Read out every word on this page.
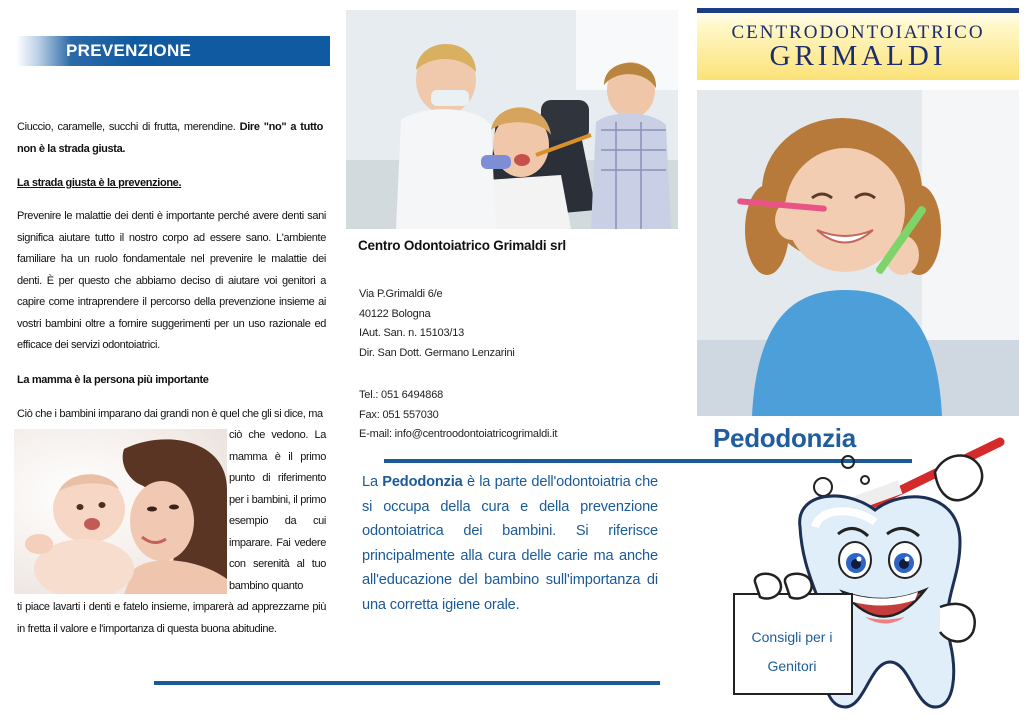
PREVENZIONE
Ciuccio, caramelle, succhi di frutta, merendine. Dire "no" a tutto non è la strada giusta.
La strada giusta è la prevenzione.
Prevenire le malattie dei denti è importante perché avere denti sani significa aiutare tutto il nostro corpo ad essere sano. L'ambiente familiare ha un ruolo fondamentale nel prevenire le malattie dei denti. È per questo che abbiamo deciso di aiutare voi genitori a capire come intraprendere il percorso della prevenzione insieme ai vostri bambini oltre a fornire suggerimenti per un uso razionale ed efficace dei servizi odontoiatrici.
La mamma è la persona più importante
Ciò che i bambini imparano dai grandi non è quel che gli si dice, ma
ciò che vedono. La mamma è il primo punto di riferimento per i bambini, il primo esempio da cui imparare. Fai vedere con serenità al tuo bambino quanto
ti piace lavarti i denti e fatelo insieme, imparerà ad apprezzarne più in fretta il valore e l'importanza di questa buona abitudine.
Centro Odontoiatrico Grimaldi srl
Via P.Grimaldi 6/e
40122 Bologna
IAut. San. n. 15103/13
Dir. San Dott. Germano Lenzarini
Tel.: 051 6494868
Fax: 051 557030
E-mail: info@centroodontoiatricogrimaldi.it
La Pedodonzia è la parte dell'odontoiatria che si occupa della cura e della prevenzione odontoiatrica dei bambini. Si riferisce principalmente alla cura delle carie ma anche all'educazione del bambino sull'importanza di una corretta igiene orale.
CENTRODONTOIATRICO
GRIMALDI
Pedodonzia
Consigli per i
Genitori
